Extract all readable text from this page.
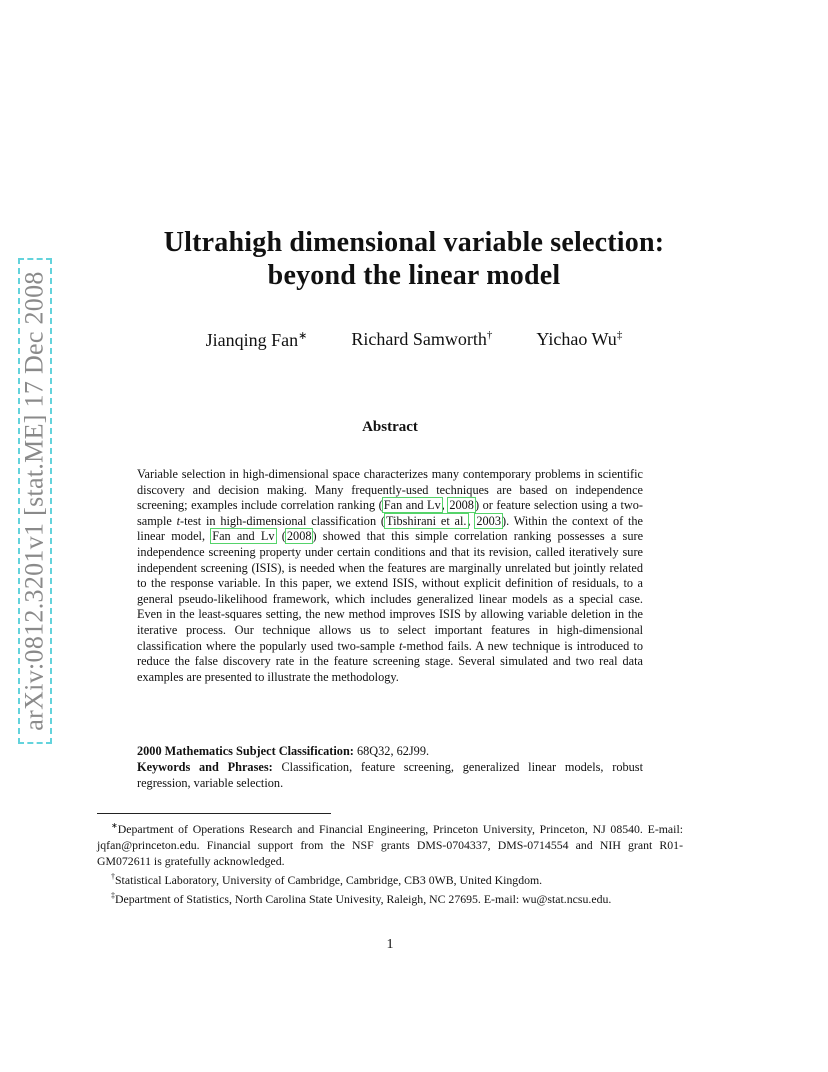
arXiv:0812.3201v1 [stat.ME] 17 Dec 2008
Ultrahigh dimensional variable selection:
beyond the linear model
Jianqing Fan∗ Richard Samworth† Yichao Wu‡
Abstract

Variable selection in high-dimensional space characterizes many contemporary problems in scientific discovery and decision making. Many frequently-used techniques are based on independence screening; examples include correlation ranking (Fan and Lv, 2008) or feature selection using a two-sample t-test in high-dimensional classification (Tibshirani et al., 2003). Within the context of the linear model, Fan and Lv (2008) showed that this simple correlation ranking possesses a sure independence screening property under certain conditions and that its revision, called iteratively sure independent screening (ISIS), is needed when the features are marginally unrelated but jointly related to the response variable. In this paper, we extend ISIS, without explicit definition of residuals, to a general pseudo-likelihood framework, which includes generalized linear models as a special case. Even in the least-squares setting, the new method improves ISIS by allowing variable deletion in the iterative process. Our technique allows us to select important features in high-dimensional classification where the popularly used two-sample t-method fails. A new technique is introduced to reduce the false discovery rate in the feature screening stage. Several simulated and two real data examples are presented to illustrate the methodology.

2000 Mathematics Subject Classification: 68Q32, 62J99.
Keywords and Phrases: Classification, feature screening, generalized linear models, robust regression, variable selection.

∗Department of Operations Research and Financial Engineering, Princeton University, Princeton, NJ 08540. E-mail: jqfan@princeton.edu. Financial support from the NSF grants DMS-0704337, DMS-0714554 and NIH grant R01-GM072611 is gratefully acknowledged.

†Statistical Laboratory, University of Cambridge, Cambridge, CB3 0WB, United Kingdom.

‡Department of Statistics, North Carolina State Univesity, Raleigh, NC 27695. E-mail: wu@stat.ncsu.edu.

1
